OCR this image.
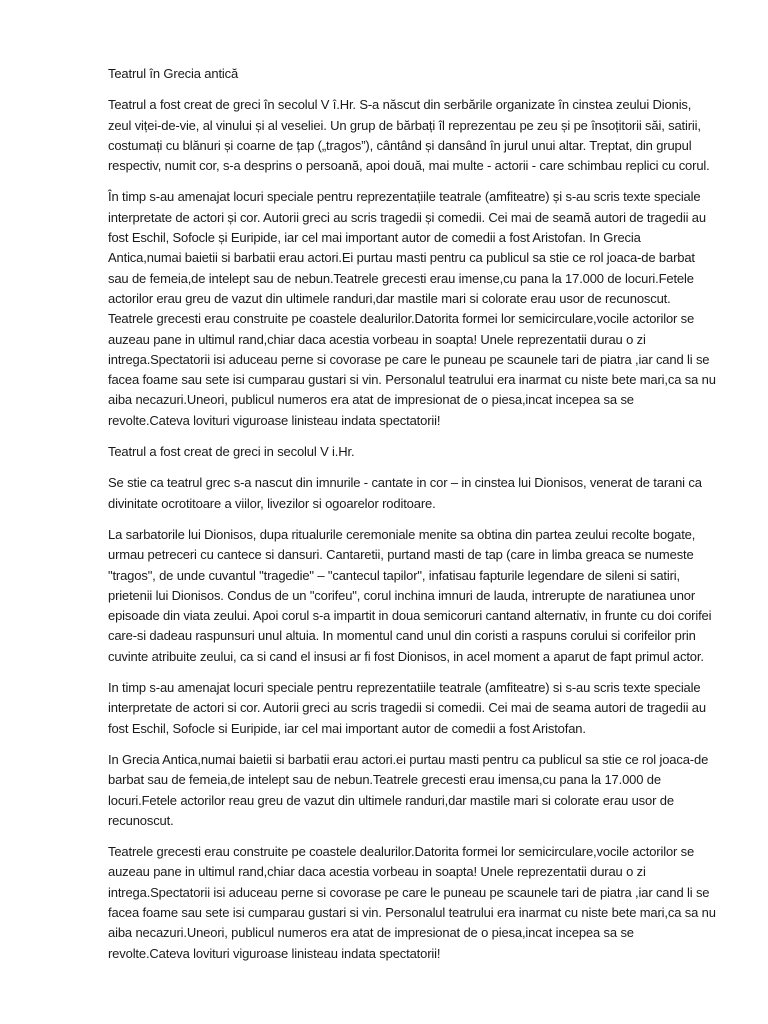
Teatrul în Grecia antică

Teatrul a fost creat de greci în secolul V î.Hr. S-a născut din serbările organizate în cinstea zeului Dionis, zeul viței-de-vie, al vinului și al veseliei. Un grup de bărbați îl reprezentau pe zeu și pe însoțitorii săi, satirii, costumați cu blănuri și coarne de țap („tragos”), cântând și dansând în jurul unui altar. Treptat, din grupul respectiv, numit cor, s-a desprins o persoană, apoi două, mai multe - actorii - care schimbau replici cu corul.

În timp s-au amenajat locuri speciale pentru reprezentațiile teatrale (amfiteatre) și s-au scris texte speciale interpretate de actori și cor. Autorii greci au scris tragedii și comedii. Cei mai de seamă autori de tragedii au fost Eschil, Sofocle și Euripide, iar cel mai important autor de comedii a fost Aristofan. In Grecia Antica,numai baietii si barbatii erau actori.Ei purtau masti pentru ca publicul sa stie ce rol joaca-de barbat sau de femeia,de intelept sau de nebun.Teatrele grecesti erau imense,cu pana la 17.000 de locuri.Fetele actorilor erau greu de vazut din ultimele randuri,dar mastile mari si colorate erau usor de recunoscut. Teatrele grecesti erau construite pe coastele dealurilor.Datorita formei lor semicirculare,vocile actorilor se auzeau pane in ultimul rand,chiar daca acestia vorbeau in soapta! Unele reprezentatii durau o zi intrega.Spectatorii isi aduceau perne si covorase pe care le puneau pe scaunele tari de piatra ,iar cand li se facea foame sau sete isi cumparau gustari si vin. Personalul teatrului era inarmat cu niste bete mari,ca sa nu aiba necazuri.Uneori, publicul numeros era atat de impresionat de o piesa,incat incepea sa se revolte.Cateva lovituri viguroase linisteau indata spectatorii!

Teatrul a fost creat de greci in secolul V i.Hr.

Se stie ca teatrul grec s-a nascut din imnurile - cantate in cor – in cinstea lui Dionisos, venerat de tarani ca divinitate ocrotitoare a viilor, livezilor si ogoarelor roditoare.

La sarbatorile lui Dionisos, dupa ritualurile ceremoniale menite sa obtina din partea zeului recolte bogate, urmau petreceri cu cantece si dansuri. Cantaretii, purtand masti de tap (care in limba greaca se numeste "tragos", de unde cuvantul "tragedie" – "cantecul tapilor", infatisau fapturile legendare de sileni si satiri, prietenii lui Dionisos. Condus de un "corifeu", corul inchina imnuri de lauda, intrerupte de naratiunea unor episoade din viata zeului. Apoi corul s-a impartit in doua semicoruri cantand alternativ, in frunte cu doi corifei care-si dadeau raspunsuri unul altuia. In momentul cand unul din coristi a raspuns corului si corifeilor prin cuvinte atribuite zeului, ca si cand el insusi ar fi fost Dionisos, in acel moment a aparut de fapt primul actor.

In timp s-au amenajat locuri speciale pentru reprezentatiile teatrale (amfiteatre) si s-au scris texte speciale interpretate de actori si cor. Autorii greci au scris tragedii si comedii. Cei mai de seama autori de tragedii au fost Eschil, Sofocle si Euripide, iar cel mai important autor de comedii a fost Aristofan.

In Grecia Antica,numai baietii si barbatii erau actori.ei purtau masti pentru ca publicul sa stie ce rol joaca-de barbat sau de femeia,de intelept sau de nebun.Teatrele grecesti erau imensa,cu pana la 17.000 de locuri.Fetele actorilor reau greu de vazut din ultimele randuri,dar mastile mari si colorate erau usor de recunoscut.

Teatrele grecesti erau construite pe coastele dealurilor.Datorita formei lor semicirculare,vocile actorilor se auzeau pane in ultimul rand,chiar daca acestia vorbeau in soapta! Unele reprezentatii durau o zi intrega.Spectatorii isi aduceau perne si covorase pe care le puneau pe scaunele tari de piatra ,iar cand li se facea foame sau sete isi cumparau gustari si vin. Personalul teatrului era inarmat cu niste bete mari,ca sa nu aiba necazuri.Uneori, publicul numeros era atat de impresionat de o piesa,incat incepea sa se revolte.Cateva lovituri viguroase linisteau indata spectatorii!
